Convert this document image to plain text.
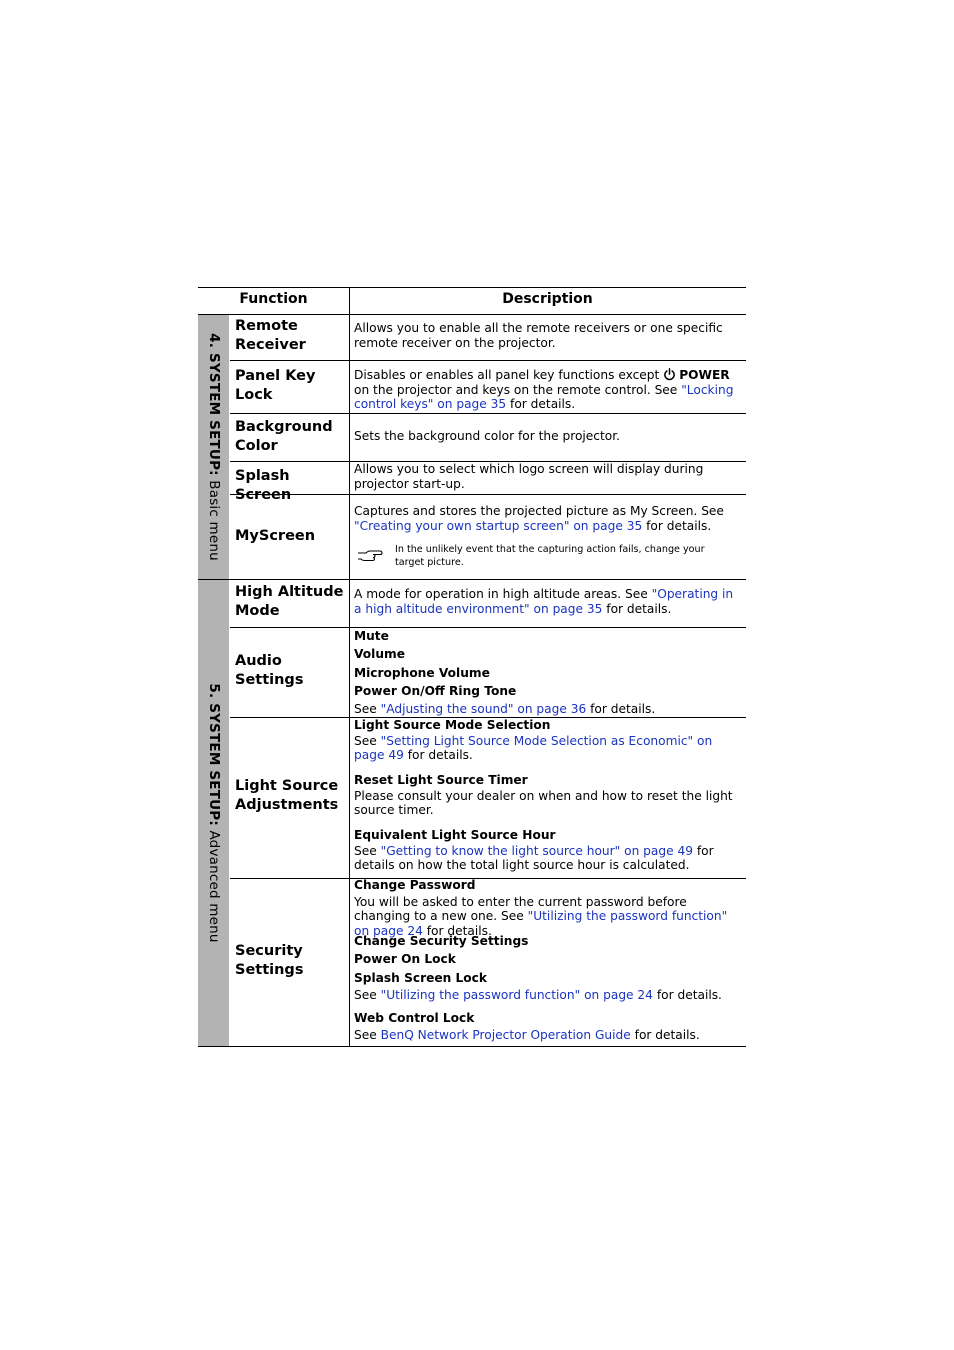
4. SYSTEM SETUP: Basic menu
5. SYSTEM SETUP: Advanced menu
Function	Description
Remote Receiver
Allows you to enable all the remote receivers or one specific remote receiver on the projector.
Panel Key Lock
Disables or enables all panel key functions except POWER on the projector and keys on the remote control. See "Locking control keys" on page 35 for details.
Background Color
Sets the background color for the projector.
Splash Screen
Allows you to select which logo screen will display during projector start-up.
MyScreen
Captures and stores the projected picture as My Screen. See "Creating your own startup screen" on page 35 for details.
In the unlikely event that the capturing action fails, change your target picture.
High Altitude Mode
A mode for operation in high altitude areas. See "Operating in a high altitude environment" on page 35 for details.
Audio Settings
Mute
Volume
Microphone Volume
Power On/Off Ring Tone
See "Adjusting the sound" on page 36 for details.
Light Source Adjustments
Light Source Mode Selection
See "Setting Light Source Mode Selection as Economic" on page 49 for details.
Reset Light Source Timer
Please consult your dealer on when and how to reset the light source timer.
Equivalent Light Source Hour
See "Getting to know the light source hour" on page 49 for details on how the total light source hour is calculated.
Security Settings
Change Password
You will be asked to enter the current password before changing to a new one. See "Utilizing the password function" on page 24 for details.
Change Security Settings
Power On Lock
Splash Screen Lock
See "Utilizing the password function" on page 24 for details.
Web Control Lock
See BenQ Network Projector Operation Guide for details.
